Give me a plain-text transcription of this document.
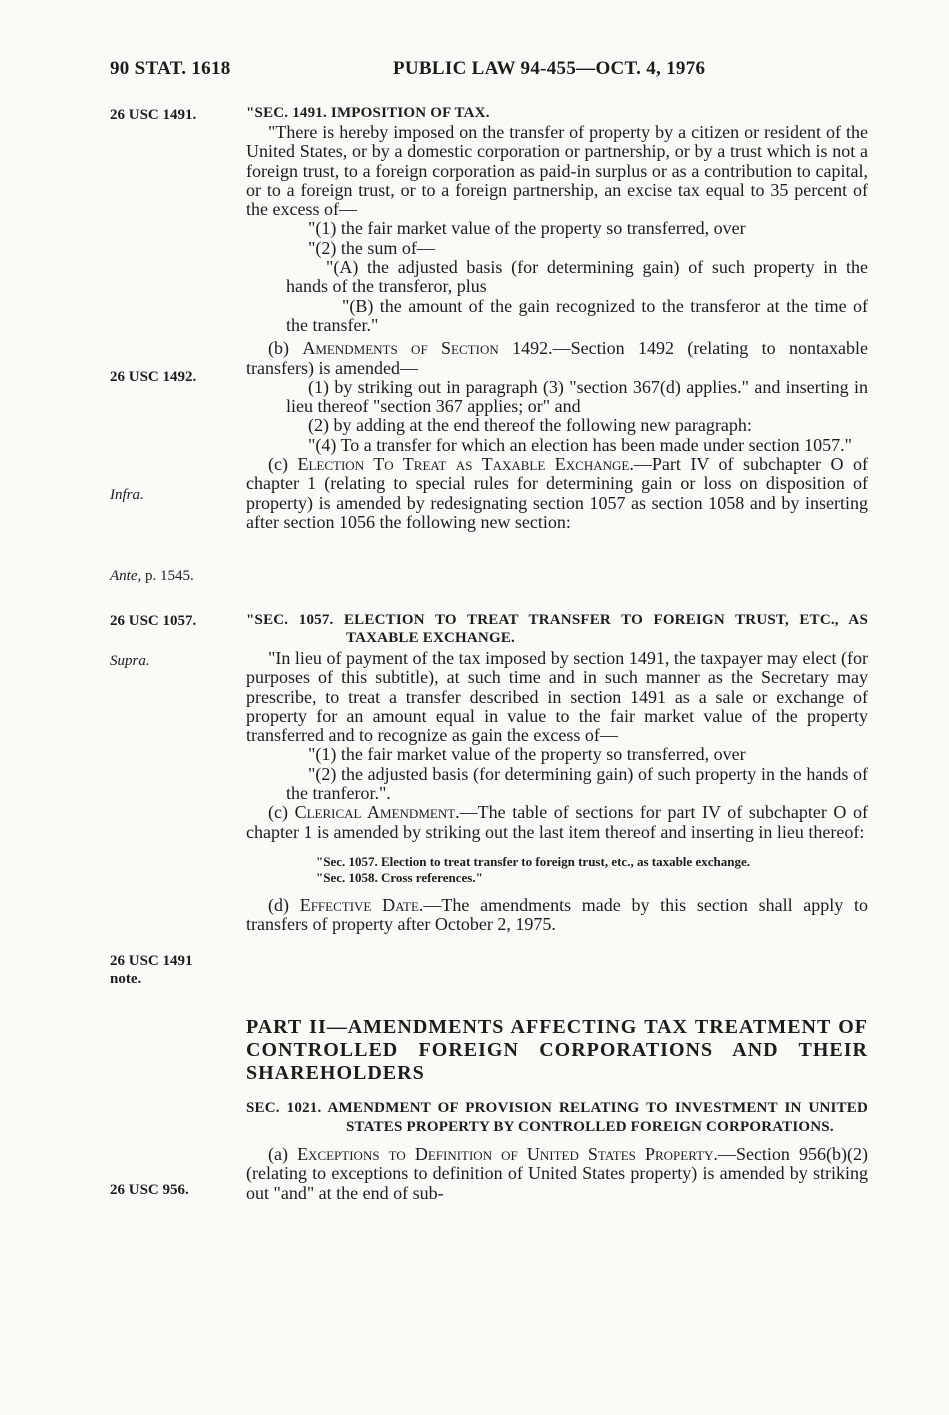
90 STAT. 1618	PUBLIC LAW 94-455—OCT. 4, 1976
26 USC 1491.
26 USC 1492.
Infra.
Ante, p. 1545.
26 USC 1057.
Supra.
26 USC 1491
note.
26 USC 956.

"SEC. 1491. IMPOSITION OF TAX.

"There is hereby imposed on the transfer of property by a citizen or resident of the United States, or by a domestic corporation or partnership, or by a trust which is not a foreign trust, to a foreign corporation as paid-in surplus or as a contribution to capital, or to a foreign trust, or to a foreign partnership, an excise tax equal to 35 percent of the excess of—

"(1) the fair market value of the property so transferred, over

"(2) the sum of—

"(A) the adjusted basis (for determining gain) of such property in the hands of the transferor, plus

"(B) the amount of the gain recognized to the transferor at the time of the transfer."

(b) Amendments of Section 1492.—Section 1492 (relating to nontaxable transfers) is amended—

(1) by striking out in paragraph (3) "section 367(d) applies." and inserting in lieu thereof "section 367 applies; or" and

(2) by adding at the end thereof the following new paragraph:

"(4) To a transfer for which an election has been made under section 1057."

(c) Election To Treat as Taxable Exchange.—Part IV of subchapter O of chapter 1 (relating to special rules for determining gain or loss on disposition of property) is amended by redesignating section 1057 as section 1058 and by inserting after section 1056 the following new section:

"SEC. 1057. ELECTION TO TREAT TRANSFER TO FOREIGN TRUST, ETC., AS TAXABLE EXCHANGE.

"In lieu of payment of the tax imposed by section 1491, the taxpayer may elect (for purposes of this subtitle), at such time and in such manner as the Secretary may prescribe, to treat a transfer described in section 1491 as a sale or exchange of property for an amount equal in value to the fair market value of the property transferred and to recognize as gain the excess of—

"(1) the fair market value of the property so transferred, over

"(2) the adjusted basis (for determining gain) of such property in the hands of the tranferor.".

(c) Clerical Amendment.—The table of sections for part IV of subchapter O of chapter 1 is amended by striking out the last item thereof and inserting in lieu thereof:

"Sec. 1057. Election to treat transfer to foreign trust, etc., as taxable exchange.
"Sec. 1058. Cross references."

(d) Effective Date.—The amendments made by this section shall apply to transfers of property after October 2, 1975.

PART II—AMENDMENTS AFFECTING TAX TREATMENT OF CONTROLLED FOREIGN CORPORATIONS AND THEIR SHAREHOLDERS

SEC. 1021. AMENDMENT OF PROVISION RELATING TO INVESTMENT IN UNITED STATES PROPERTY BY CONTROLLED FOREIGN CORPORATIONS.

(a) Exceptions to Definition of United States Property.—Section 956(b)(2) (relating to exceptions to definition of United States property) is amended by striking out "and" at the end of sub-
